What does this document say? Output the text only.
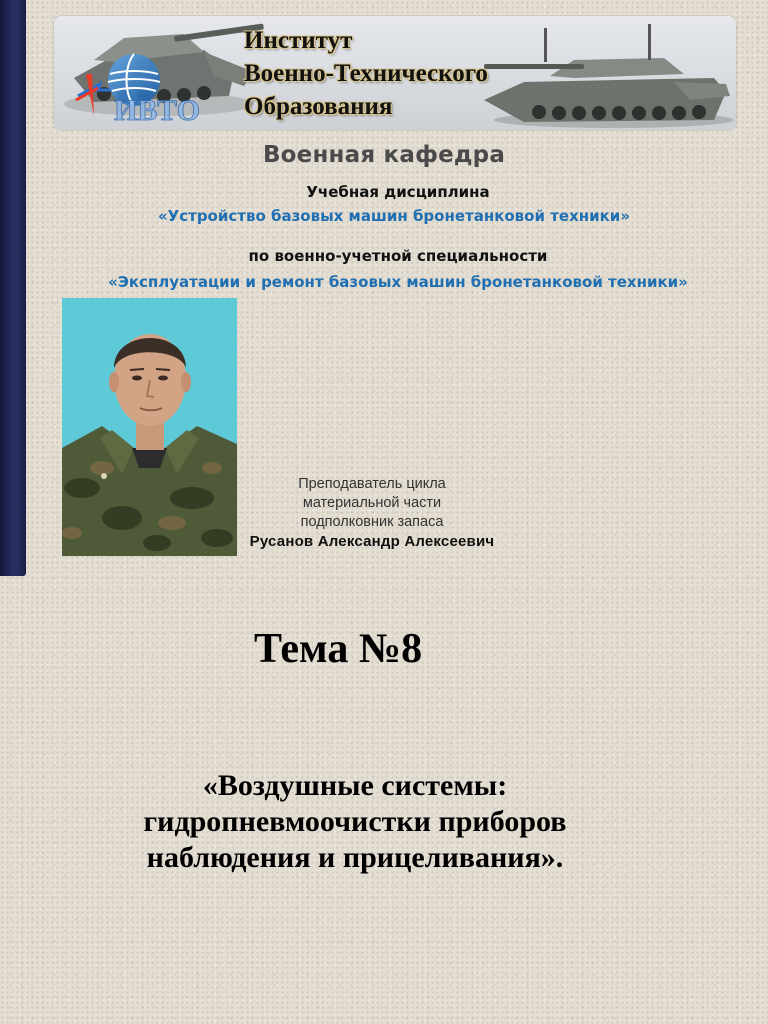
ИВТО
Институт
Военно-Технического
Образования
Военная кафедра
Учебная дисциплина
«Устройство базовых машин бронетанковой техники»
по военно-учетной специальности
«Эксплуатации и ремонт базовых машин бронетанковой техники»
Преподаватель цикла
материальной части
подполковник запаса
Русанов Александр Алексеевич
Тема №8
«Воздушные системы:
гидропневмоочистки приборов
наблюдения и прицеливания».
